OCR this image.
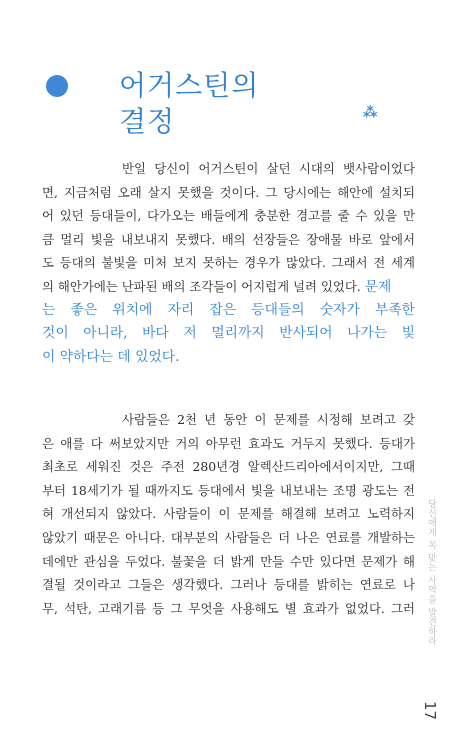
어거스틴의
결정	⁂
반일 당신이 어거스틴이 살던 시대의 뱃사람이었다
면, 지금처럼 오래 살지 못했을 것이다. 그 당시에는 해안에 설치되
어 있던 등대들이, 다가오는 배들에게 충분한 경고를 줄 수 있을 만
큼 멀리 빛을 내보내지 못했다. 배의 선장들은 장애물 바로 앞에서
도 등대의 불빛을 미처 보지 못하는 경우가 많았다. 그래서 전 세계
의 해안가에는 난파된 배의 조각들이 어지럽게 널려 있었다. 문제
는 좋은 위치에 자리 잡은 등대들의 숫자가 부족한
것이 아니라, 바다 저 멀리까지 반사되어 나가는 빛
이 약하다는 데 있었다.
사람들은 2천 년 동안 이 문제를 시정해 보려고 갖
은 애를 다 써보았지만 거의 아무런 효과도 거두지 못했다. 등대가
최초로 세워진 것은 주전 280년경 알렉산드리아에서이지만, 그때
부터 18세기가 될 때까지도 등대에서 빛을 내보내는 조명 광도는 전
혀 개선되지 않았다. 사람들이 이 문제를 해결해 보려고 노력하지
않았기 때문은 아니다. 대부분의 사람들은 더 나은 연료를 개발하는
데에만 관심을 두었다. 불꽃을 더 밝게 만들 수만 있다면 문제가 해
결될 것이라고 그들은 생각했다. 그러나 등대를 밝히는 연료로 나
무, 석탄, 고래기름 등 그 무엇을 사용해도 별 효과가 없었다. 그러 당신에게 꼭 맞는 사역을 발견하라
17
